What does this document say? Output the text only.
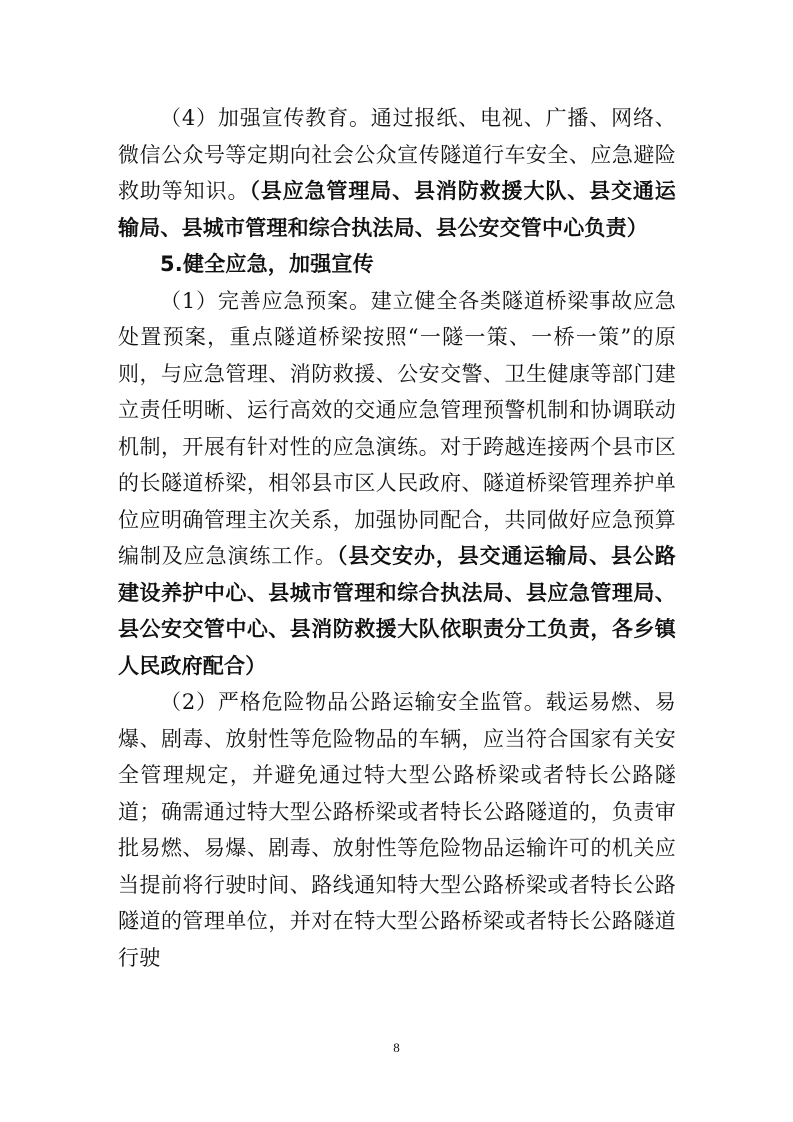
（4）加强宣传教育。通过报纸、电视、广播、网络、微信公众号等定期向社会公众宣传隧道行车安全、应急避险救助等知识。（县应急管理局、县消防救援大队、县交通运输局、县城市管理和综合执法局、县公安交管中心负责）

5.健全应急，加强宣传

（1）完善应急预案。建立健全各类隧道桥梁事故应急处置预案，重点隧道桥梁按照“一隧一策、一桥一策”的原则，与应急管理、消防救援、公安交警、卫生健康等部门建立责任明晰、运行高效的交通应急管理预警机制和协调联动机制，开展有针对性的应急演练。对于跨越连接两个县市区的长隧道桥梁，相邻县市区人民政府、隧道桥梁管理养护单位应明确管理主次关系，加强协同配合，共同做好应急预算编制及应急演练工作。（县交安办，县交通运输局、县公路建设养护中心、县城市管理和综合执法局、县应急管理局、县公安交管中心、县消防救援大队依职责分工负责，各乡镇人民政府配合）

（2）严格危险物品公路运输安全监管。载运易燃、易爆、剧毒、放射性等危险物品的车辆，应当符合国家有关安全管理规定，并避免通过特大型公路桥梁或者特长公路隧道；确需通过特大型公路桥梁或者特长公路隧道的，负责审批易燃、易爆、剧毒、放射性等危险物品运输许可的机关应当提前将行驶时间、路线通知特大型公路桥梁或者特长公路隧道的管理单位，并对在特大型公路桥梁或者特长公路隧道行驶

8
